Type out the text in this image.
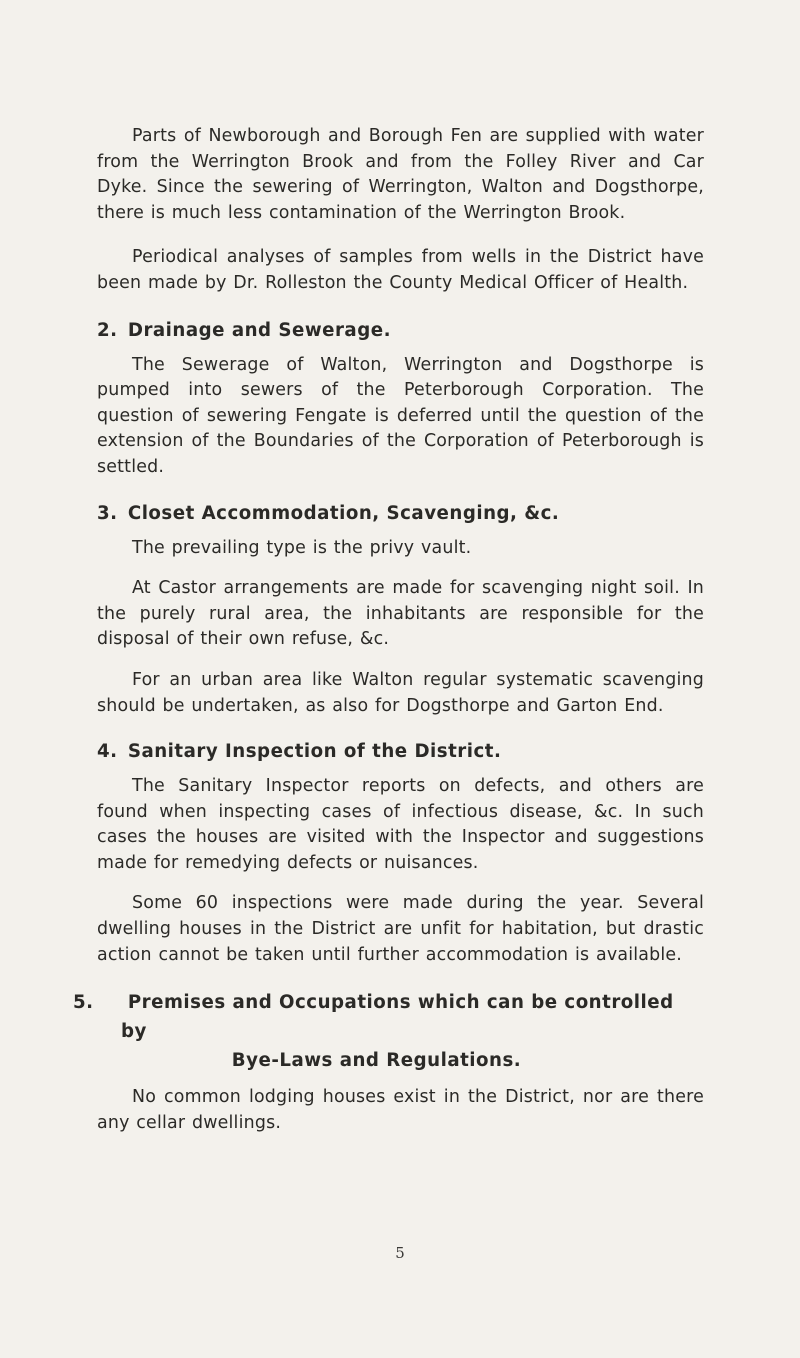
Parts of Newborough and Borough Fen are supplied with water from the Werrington Brook and from the Folley River and Car Dyke. Since the sewering of Werrington, Walton and Dogsthorpe, there is much less contamination of the Werrington Brook.

Periodical analyses of samples from wells in the District have been made by Dr. Rolleston the County Medical Officer of Health.

2. Drainage and Sewerage.

The Sewerage of Walton, Werrington and Dogsthorpe is pumped into sewers of the Peterborough Corporation. The question of sewering Fengate is deferred until the question of the extension of the Boundaries of the Corporation of Peterborough is settled.

3. Closet Accommodation, Scavenging, &c.

The prevailing type is the privy vault.

At Castor arrangements are made for scavenging night soil. In the purely rural area, the inhabitants are responsible for the disposal of their own refuse, &c.

For an urban area like Walton regular systematic scavenging should be undertaken, as also for Dogsthorpe and Garton End.

4. Sanitary Inspection of the District.

The Sanitary Inspector reports on defects, and others are found when inspecting cases of infectious disease, &c. In such cases the houses are visited with the Inspector and suggestions made for remedying defects or nuisances.

Some 60 inspections were made during the year. Several dwelling houses in the District are unfit for habitation, but drastic action cannot be taken until further accommodation is available.

5. Premises and Occupations which can be controlled by
Bye-Laws and Regulations.

No common lodging houses exist in the District, nor are there any cellar dwellings.

5
